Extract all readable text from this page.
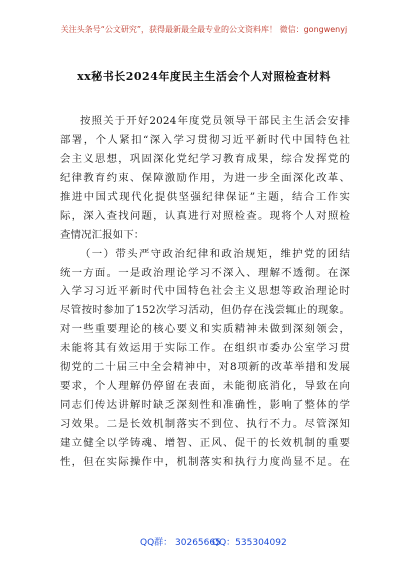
关注头条号“公文研究”，获得最新最全最专业的公文资料库！ 微信：gongwenyj
xx秘书长2024年度民主生活会个人对照检查材料
按照关于开好2024年度党员领导干部民主生活会安排
部署，个人紧扣“深入学习贯彻习近平新时代中国特色社
会主义思想，巩固深化党纪学习教育成果，综合发挥党的
纪律教育约束、保障激励作用，为进一步全面深化改革、
推进中国式现代化提供坚强纪律保证”主题，结合工作实
际，深入查找问题，认真进行对照检查。现将个人对照检
查情况汇报如下：
（一）带头严守政治纪律和政治规矩，维护党的团结
统一方面。一是政治理论学习不深入、理解不透彻。在深
入学习习近平新时代中国特色社会主义思想等政治理论时
尽管按时参加了152次学习活动，但仍存在浅尝辄止的现象。
对一些重要理论的核心要义和实质精神未做到深刻领会，
未能将其有效运用于实际工作。在组织市委办公室学习贯
彻党的二十届三中全会精神中，对8项新的改革举措和发展
要求，个人理解仍停留在表面，未能彻底消化，导致在向
同志们传达讲解时缺乏深刻性和准确性，影响了整体的学
习效果。二是长效机制落实不到位、执行不力。尽管深知
建立健全以学铸魂、增智、正风、促干的长效机制的重要
性，但在实际操作中，机制落实和执行力度尚显不足。在
QQ群： 30265665
QQ：535304092
